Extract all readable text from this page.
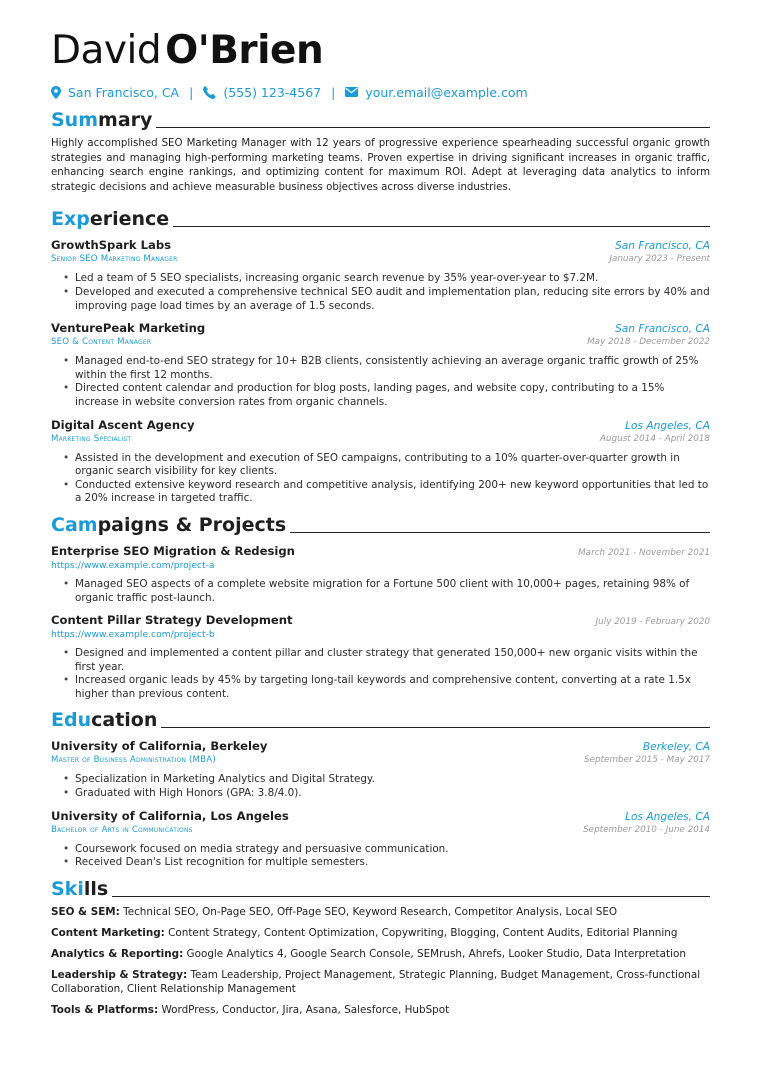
David O'Brien
San Francisco, CA | (555) 123-4567 | your.email@example.com
Summary
Highly accomplished SEO Marketing Manager with 12 years of progressive experience spearheading successful organic growth strategies and managing high-performing marketing teams. Proven expertise in driving significant increases in organic traffic, enhancing search engine rankings, and optimizing content for maximum ROI. Adept at leveraging data analytics to inform strategic decisions and achieve measurable business objectives across diverse industries.
Experience
GrowthSpark Labs	San Francisco, CA
Senior SEO Marketing Manager	January 2023 - Present
• Led a team of 5 SEO specialists, increasing organic search revenue by 35% year-over-year to $7.2M.
• Developed and executed a comprehensive technical SEO audit and implementation plan, reducing site errors by 40% and improving page load times by an average of 1.5 seconds.
VenturePeak Marketing	San Francisco, CA
SEO & Content Manager	May 2018 - December 2022
• Managed end-to-end SEO strategy for 10+ B2B clients, consistently achieving an average organic traffic growth of 25% within the first 12 months.
• Directed content calendar and production for blog posts, landing pages, and website copy, contributing to a 15% increase in website conversion rates from organic channels.
Digital Ascent Agency	Los Angeles, CA
Marketing Specialist	August 2014 - April 2018
• Assisted in the development and execution of SEO campaigns, contributing to a 10% quarter-over-quarter growth in organic search visibility for key clients.
• Conducted extensive keyword research and competitive analysis, identifying 200+ new keyword opportunities that led to a 20% increase in targeted traffic.
Campaigns & Projects
Enterprise SEO Migration & Redesign	March 2021 - November 2021
https://www.example.com/project-a
• Managed SEO aspects of a complete website migration for a Fortune 500 client with 10,000+ pages, retaining 98% of organic traffic post-launch.
Content Pillar Strategy Development	July 2019 - February 2020
https://www.example.com/project-b
• Designed and implemented a content pillar and cluster strategy that generated 150,000+ new organic visits within the first year.
• Increased organic leads by 45% by targeting long-tail keywords and comprehensive content, converting at a rate 1.5x higher than previous content.
Education
University of California, Berkeley	Berkeley, CA
Master of Business Administration (MBA)	September 2015 - May 2017
• Specialization in Marketing Analytics and Digital Strategy.
• Graduated with High Honors (GPA: 3.8/4.0).
University of California, Los Angeles	Los Angeles, CA
Bachelor of Arts in Communications	September 2010 - June 2014
• Coursework focused on media strategy and persuasive communication.
• Received Dean's List recognition for multiple semesters.
Skills
SEO & SEM: Technical SEO, On-Page SEO, Off-Page SEO, Keyword Research, Competitor Analysis, Local SEO
Content Marketing: Content Strategy, Content Optimization, Copywriting, Blogging, Content Audits, Editorial Planning
Analytics & Reporting: Google Analytics 4, Google Search Console, SEMrush, Ahrefs, Looker Studio, Data Interpretation
Leadership & Strategy: Team Leadership, Project Management, Strategic Planning, Budget Management, Cross-functional Collaboration, Client Relationship Management
Tools & Platforms: WordPress, Conductor, Jira, Asana, Salesforce, HubSpot
